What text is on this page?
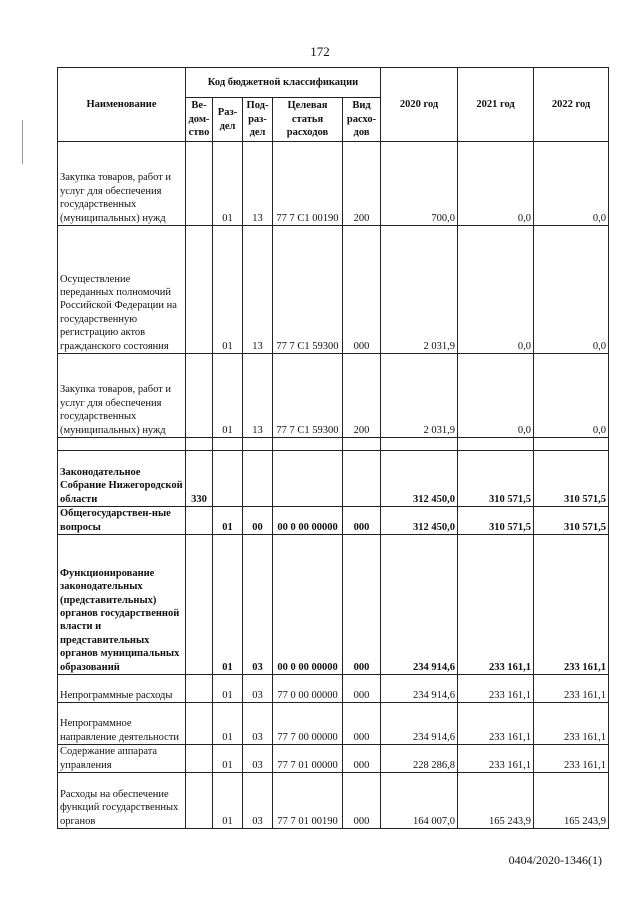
172
Наименование	Код бюджетной классификации					2020 год	2021 год	2022 год
	Ве-дом-ство	Раз-дел	Под-раз-дел	Целевая статья расходов	Вид расхо-дов			
Закупка товаров, работ и услуг для обеспечения государственных (муниципальных) нужд		01	13	77 7 С1 00190	200	700,0	0,0	0,0
Осуществление переданных полномочий Российской Федерации на государственную регистрацию актов гражданского состояния		01	13	77 7 С1 59300	000	2 031,9	0,0	0,0
Закупка товаров, работ и услуг для обеспечения государственных (муниципальных) нужд		01	13	77 7 С1 59300	200	2 031,9	0,0	0,0

Законодательное Собрание Нижегородской области	330					312 450,0	310 571,5	310 571,5
Общегосударствен-ные вопросы		01	00	00 0 00 00000	000	312 450,0	310 571,5	310 571,5
Функционирование законодательных (представительных) органов государственной власти и представительных органов муниципальных образований		01	03	00 0 00 00000	000	234 914,6	233 161,1	233 161,1
Непрограммные расходы		01	03	77 0 00 00000	000	234 914,6	233 161,1	233 161,1
Непрограммное направление деятельности		01	03	77 7 00 00000	000	234 914,6	233 161,1	233 161,1
Содержание аппарата управления		01	03	77 7 01 00000	000	228 286,8	233 161,1	233 161,1
Расходы на обеспечение функций государственных органов		01	03	77 7 01 00190	000	164 007,0	165 243,9	165 243,9
0404/2020-1346(1)
